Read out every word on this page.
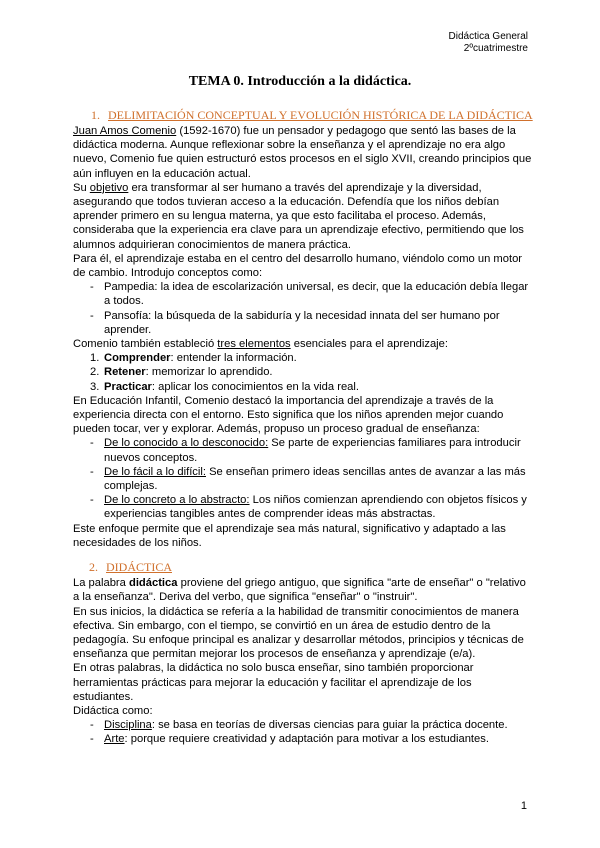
Didáctica General
2ºcuatrimestre
TEMA 0. Introducción a la didáctica.
1. DELIMITACIÓN CONCEPTUAL Y EVOLUCIÓN HISTÓRICA DE LA DIDÁCTICA

Juan Amos Comenio (1592-1670) fue un pensador y pedagogo que sentó las bases de la didáctica moderna. Aunque reflexionar sobre la enseñanza y el aprendizaje no era algo nuevo, Comenio fue quien estructuró estos procesos en el siglo XVII, creando principios que aún influyen en la educación actual.

Su objetivo era transformar al ser humano a través del aprendizaje y la diversidad, asegurando que todos tuvieran acceso a la educación. Defendía que los niños debían aprender primero en su lengua materna, ya que esto facilitaba el proceso. Además, consideraba que la experiencia era clave para un aprendizaje efectivo, permitiendo que los alumnos adquirieran conocimientos de manera práctica.

Para él, el aprendizaje estaba en el centro del desarrollo humano, viéndolo como un motor de cambio. Introdujo conceptos como:

- Pampedia: la idea de escolarización universal, es decir, que la educación debía llegar a todos.
- Pansofía: la búsqueda de la sabiduría y la necesidad innata del ser humano por aprender.

Comenio también estableció tres elementos esenciales para el aprendizaje:

1. Comprender: entender la información.
2. Retener: memorizar lo aprendido.
3. Practicar: aplicar los conocimientos en la vida real.

En Educación Infantil, Comenio destacó la importancia del aprendizaje a través de la experiencia directa con el entorno. Esto significa que los niños aprenden mejor cuando pueden tocar, ver y explorar. Además, propuso un proceso gradual de enseñanza:

- De lo conocido a lo desconocido: Se parte de experiencias familiares para introducir nuevos conceptos.
- De lo fácil a lo difícil: Se enseñan primero ideas sencillas antes de avanzar a las más complejas.
- De lo concreto a lo abstracto: Los niños comienzan aprendiendo con objetos físicos y experiencias tangibles antes de comprender ideas más abstractas.

Este enfoque permite que el aprendizaje sea más natural, significativo y adaptado a las necesidades de los niños.

2. DIDÁCTICA

La palabra didáctica proviene del griego antiguo, que significa "arte de enseñar" o "relativo a la enseñanza". Deriva del verbo, que significa "enseñar" o "instruir".

En sus inicios, la didáctica se refería a la habilidad de transmitir conocimientos de manera efectiva. Sin embargo, con el tiempo, se convirtió en un área de estudio dentro de la pedagogía. Su enfoque principal es analizar y desarrollar métodos, principios y técnicas de enseñanza que permitan mejorar los procesos de enseñanza y aprendizaje (e/a).

En otras palabras, la didáctica no solo busca enseñar, sino también proporcionar herramientas prácticas para mejorar la educación y facilitar el aprendizaje de los estudiantes.

Didáctica como:

- Disciplina: se basa en teorías de diversas ciencias para guiar la práctica docente.
- Arte: porque requiere creatividad y adaptación para motivar a los estudiantes.
1
